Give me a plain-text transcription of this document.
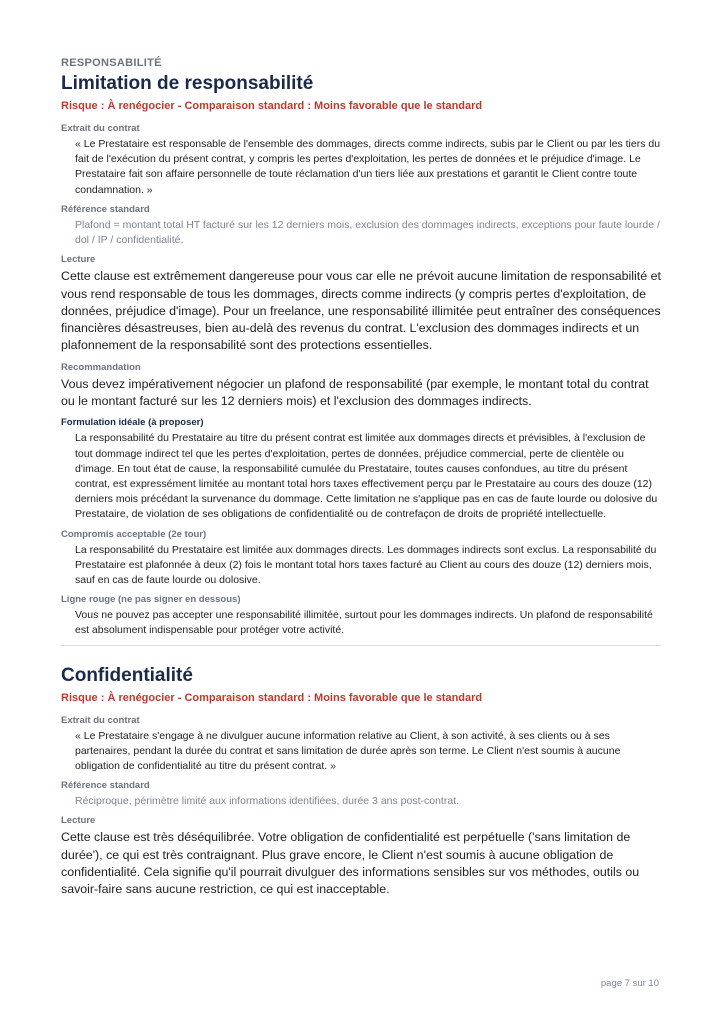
RESPONSABILITÉ
Limitation de responsabilité
Risque : À renégocier - Comparaison standard : Moins favorable que le standard
Extrait du contrat
« Le Prestataire est responsable de l'ensemble des dommages, directs comme indirects, subis par le Client ou par les tiers du fait de l'exécution du présent contrat, y compris les pertes d'exploitation, les pertes de données et le préjudice d'image. Le Prestataire fait son affaire personnelle de toute réclamation d'un tiers liée aux prestations et garantit le Client contre toute condamnation. »
Référence standard
Plafond = montant total HT facturé sur les 12 derniers mois, exclusion des dommages indirects, exceptions pour faute lourde / dol / IP / confidentialité.
Lecture
Cette clause est extrêmement dangereuse pour vous car elle ne prévoit aucune limitation de responsabilité et vous rend responsable de tous les dommages, directs comme indirects (y compris pertes d'exploitation, de données, préjudice d'image). Pour un freelance, une responsabilité illimitée peut entraîner des conséquences financières désastreuses, bien au-delà des revenus du contrat. L'exclusion des dommages indirects et un plafonnement de la responsabilité sont des protections essentielles.
Recommandation
Vous devez impérativement négocier un plafond de responsabilité (par exemple, le montant total du contrat ou le montant facturé sur les 12 derniers mois) et l'exclusion des dommages indirects.
Formulation idéale (à proposer)
La responsabilité du Prestataire au titre du présent contrat est limitée aux dommages directs et prévisibles, à l'exclusion de tout dommage indirect tel que les pertes d'exploitation, pertes de données, préjudice commercial, perte de clientèle ou d'image. En tout état de cause, la responsabilité cumulée du Prestataire, toutes causes confondues, au titre du présent contrat, est expressément limitée au montant total hors taxes effectivement perçu par le Prestataire au cours des douze (12) derniers mois précédant la survenance du dommage. Cette limitation ne s'applique pas en cas de faute lourde ou dolosive du Prestataire, de violation de ses obligations de confidentialité ou de contrefaçon de droits de propriété intellectuelle.
Compromis acceptable (2e tour)
La responsabilité du Prestataire est limitée aux dommages directs. Les dommages indirects sont exclus. La responsabilité du Prestataire est plafonnée à deux (2) fois le montant total hors taxes facturé au Client au cours des douze (12) derniers mois, sauf en cas de faute lourde ou dolosive.
Ligne rouge (ne pas signer en dessous)
Vous ne pouvez pas accepter une responsabilité illimitée, surtout pour les dommages indirects. Un plafond de responsabilité est absolument indispensable pour protéger votre activité.
Confidentialité
Risque : À renégocier - Comparaison standard : Moins favorable que le standard
Extrait du contrat
« Le Prestataire s'engage à ne divulguer aucune information relative au Client, à son activité, à ses clients ou à ses partenaires, pendant la durée du contrat et sans limitation de durée après son terme. Le Client n'est soumis à aucune obligation de confidentialité au titre du présent contrat. »
Référence standard
Réciproque, périmètre limité aux informations identifiées, durée 3 ans post-contrat.
Lecture
Cette clause est très déséquilibrée. Votre obligation de confidentialité est perpétuelle ('sans limitation de durée'), ce qui est très contraignant. Plus grave encore, le Client n'est soumis à aucune obligation de confidentialité. Cela signifie qu'il pourrait divulguer des informations sensibles sur vos méthodes, outils ou savoir-faire sans aucune restriction, ce qui est inacceptable.
page 7 sur 10
